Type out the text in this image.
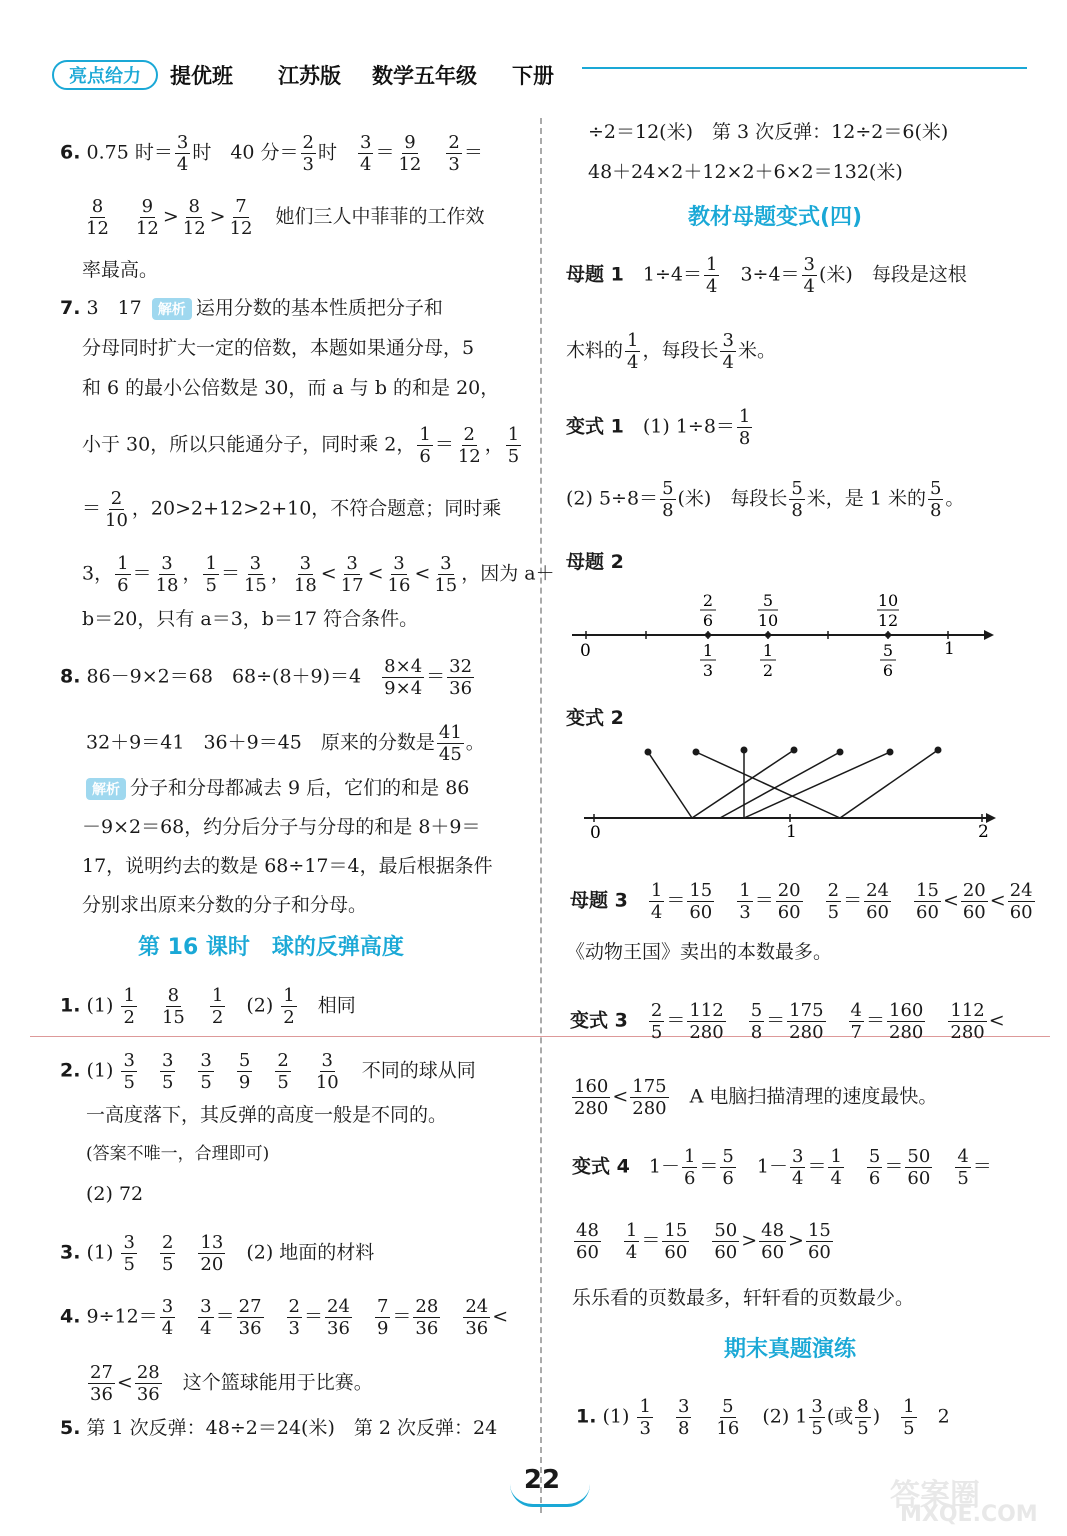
亮点给力	提优班 江苏版 数学五年级 下册
6. 0.75 时＝ $\frac{3}{4}$ 时　40 分＝ $\frac{2}{3}$ 时　 $\frac{3}{4} = \frac{9}{12}$
　 $\frac{2}{3}$ ＝
$\frac{8}{12}$
　 $\frac{9}{12} > \frac{8}{12} > \frac{7}{12}$
　 她们三人中菲菲的工作效
率最高。
7. 3　17 解析 运用分数的基本性质把分子和
分母同时扩大一定的倍数，本题如果通分母，5
和 6 的最小公倍数是 30，而 a 与 b 的和是 20，
小于 30，所以只能通分子，同时乘 2， $\frac{1}{6} = \frac{2}{12}$ ， $\frac{1}{5}$
＝ $\frac{2}{10}$ ，20>2+12>2+10，不符合题意；同时乘
3， $\frac{1}{6} = \frac{3}{18}$ ， $\frac{1}{5} = \frac{3}{15}$ ， $\frac{3}{18} < \frac{3}{17} < \frac{3}{16} < \frac{3}{15}$ ，因为 a＋
b＝20，只有 a＝3，b＝17 符合条件。
8. 86－9×2＝68　68÷(8＋9)＝4　 $\frac{8\times 4}{9\times 4} = \frac{32}{36}$
32＋9＝41　36＋9＝45　原来的分数是 $\frac{41}{45}$ 。
解析 分子和分母都减去 9 后，它们的和是 86
－9×2＝68，约分后分子与分母的和是 8＋9＝
17，说明约去的数是 68÷17＝4，最后根据条件
分别求出原来分数的分子和分母。
第 16 课时　球的反弹高度
1. $(1) \frac{1}{2}$
　 $\frac{8}{15}$
　 $\frac{1}{2}$
　 $(2) \frac{1}{2}$
　 相同
2. $(1) \frac{3}{5}$
　 $\frac{3}{5}$
　 $\frac{3}{5}$
　 $\frac{5}{9}$
　 $\frac{2}{5}$
　 $\frac{3}{10}$
　 不同的球从同
一高度落下，其反弹的高度一般是不同的。
(答案不唯一，合理即可)
(2) 72
3. $(1) \frac{3}{5}$
　 $\frac{2}{5}$
　 $\frac{13}{20}$
　 (2) 地面的材料
4. $9\div 12= \frac{3}{4}$
　 $\frac{3}{4} = \frac{27}{36}$
　 $\frac{2}{3} = \frac{24}{36}$
　 $\frac{7}{9} = \frac{28}{36}$
　 $\frac{24}{36}$ <
$\frac{27}{36} < \frac{28}{36}$
　 这个篮球能用于比赛。
5. 第 1 次反弹：48÷2＝24(米)　第 2 次反弹：24
÷2＝12(米)　第 3 次反弹：12÷2＝6(米)
48＋24×2＋12×2＋6×2＝132(米)
教材母题变式(四)
母题 1　 $1\div 4= \frac{1}{4}$
　 $3\div 4= \frac{3}{4}$ (米)　每段是这根
木料的 $\frac{1}{4}$ ，每段长 $\frac{3}{4}$ 米。
变式 1　 (1) $1\div 8= \frac{1}{8}$
(2) $5\div 8= \frac{5}{8}$ (米)　每段长 $\frac{5}{8}$ 米，是 1 米的 $\frac{5}{8}$ 。
母题 2
0	1
2
6
5
10
10
12
1
3
1
2
5
6
变式 2
0	1	2
母题 3　 $\frac{1}{4} = \frac{15}{60}$
　 $\frac{1}{3} = \frac{20}{60}$
　 $\frac{2}{5} = \frac{24}{60}$
　 $\frac{15}{60} < \frac{20}{60} < \frac{24}{60}$
《动物王国》卖出的本数最多。
变式 3　 $\frac{2}{5} = \frac{112}{280}$
　 $\frac{5}{8} = \frac{175}{280}$
　 $\frac{4}{7} = \frac{160}{280}$
　 $\frac{112}{280}$ <
$\frac{160}{280} < \frac{175}{280}$
　 A 电脑扫描清理的速度最快。
变式 4　 $1- \frac{1}{6} = \frac{5}{6}$
　 $1- \frac{3}{4} = \frac{1}{4}$
　 $\frac{5}{6} = \frac{50}{60}$
　 $\frac{4}{5}$ ＝
$\frac{48}{60}$
　 $\frac{1}{4} = \frac{15}{60}$
　 $\frac{50}{60} > \frac{48}{60} > \frac{15}{60}$
乐乐看的页数最多，轩轩看的页数最少。
期末真题演练
1. $(1) \frac{1}{3}$
　 $\frac{3}{8}$
　 $\frac{5}{16}$
　 (2) $1 \frac{3}{5}$ (或 $\frac{8}{5}$ )　 $\frac{1}{5}$
　 2
22	答案圈
MXQE.COM
